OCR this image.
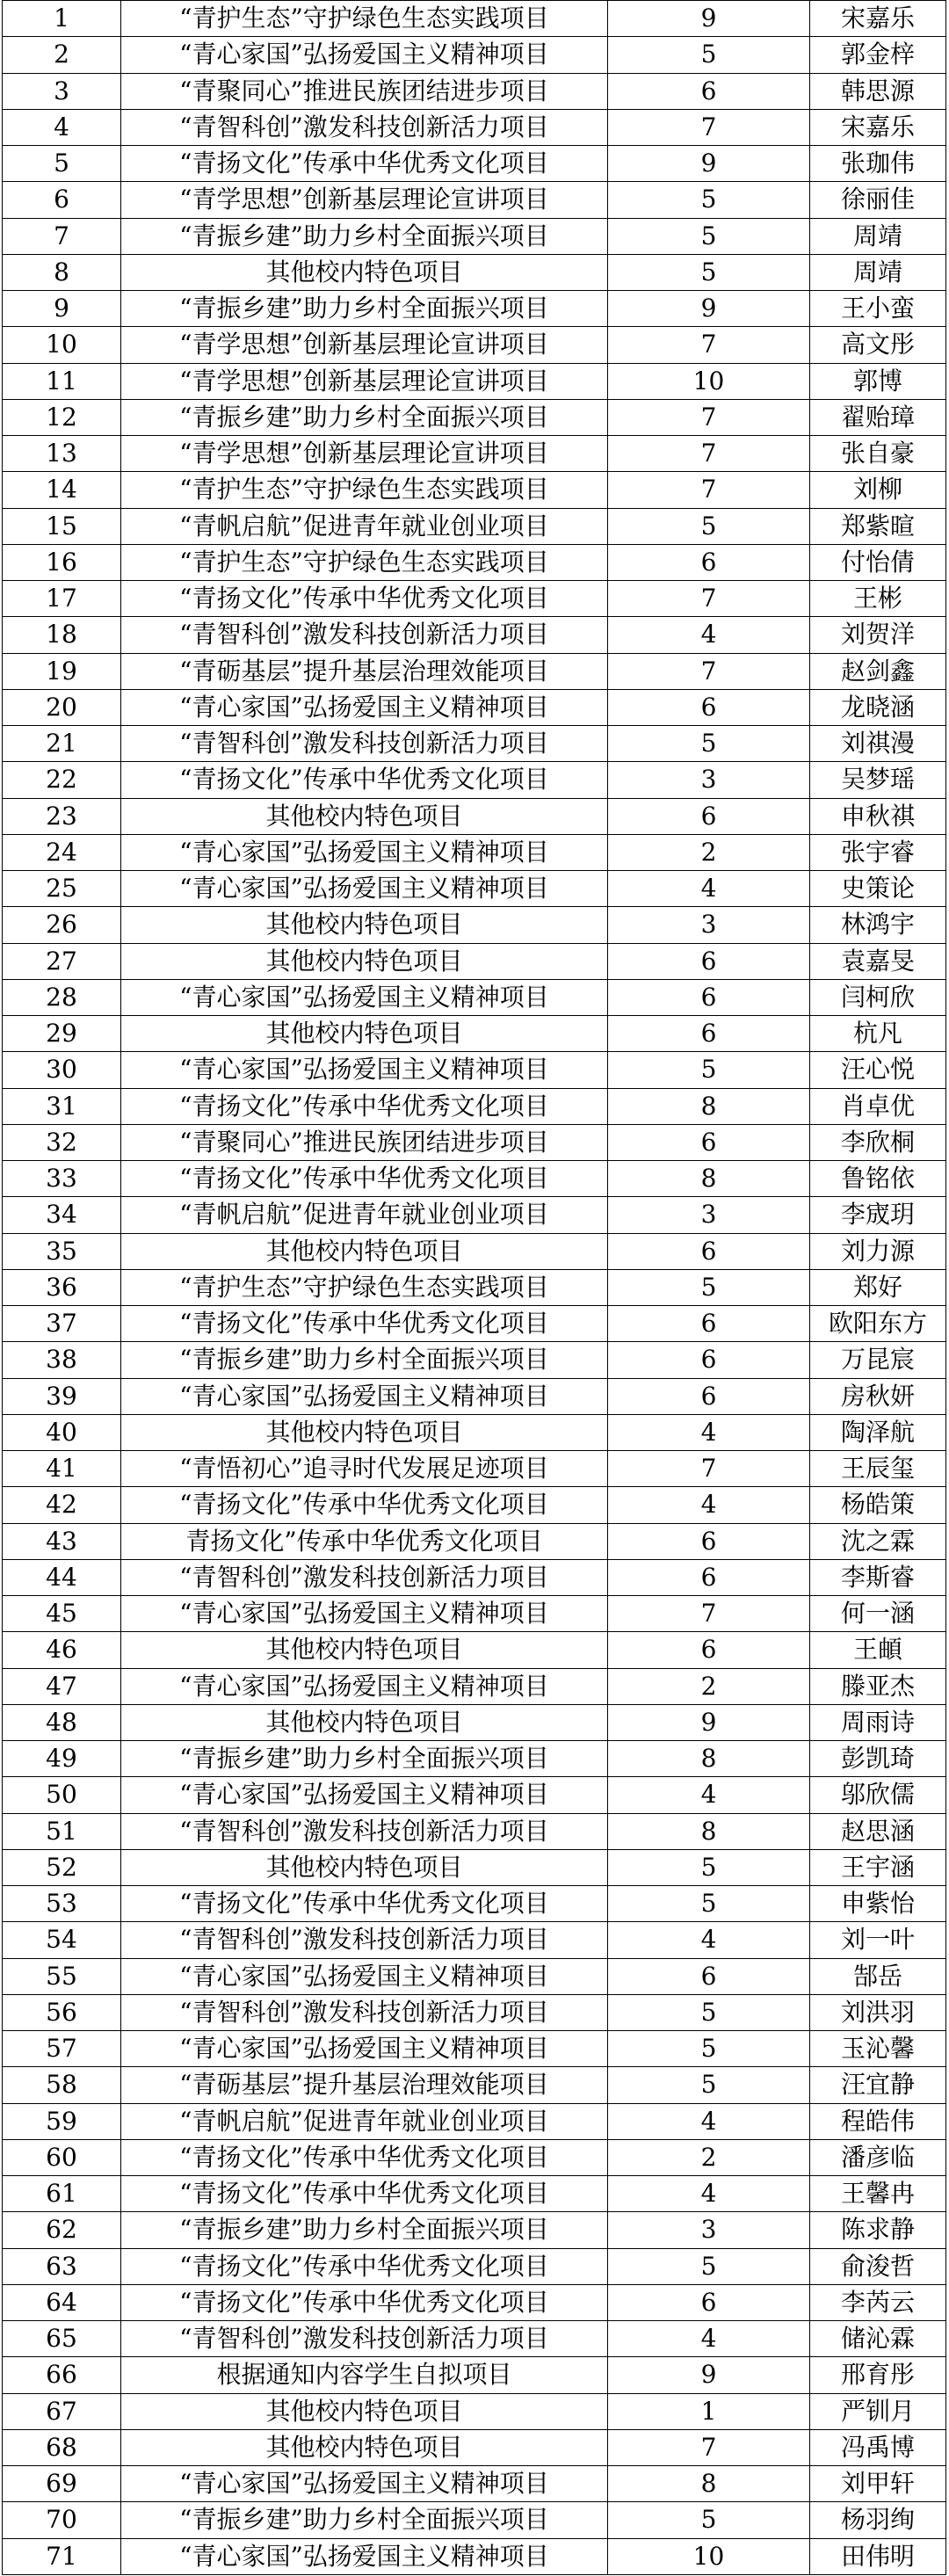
1	“青护生态”守护绿色生态实践项目	9	宋嘉乐
2	“青心家国”弘扬爱国主义精神项目	5	郭金梓
3	“青聚同心”推进民族团结进步项目	6	韩思源
4	“青智科创”激发科技创新活力项目	7	宋嘉乐
5	“青扬文化”传承中华优秀文化项目	9	张珈伟
6	“青学思想”创新基层理论宣讲项目	5	徐丽佳
7	“青振乡建”助力乡村全面振兴项目	5	周靖
8	其他校内特色项目	5	周靖
9	“青振乡建”助力乡村全面振兴项目	9	王小蛮
10	“青学思想”创新基层理论宣讲项目	7	高文彤
11	“青学思想”创新基层理论宣讲项目	10	郭博
12	“青振乡建”助力乡村全面振兴项目	7	翟贻璋
13	“青学思想”创新基层理论宣讲项目	7	张自豪
14	“青护生态”守护绿色生态实践项目	7	刘柳
15	“青帆启航”促进青年就业创业项目	5	郑紫暄
16	“青护生态”守护绿色生态实践项目	6	付怡倩
17	“青扬文化”传承中华优秀文化项目	7	王彬
18	“青智科创”激发科技创新活力项目	4	刘贺洋
19	“青砺基层”提升基层治理效能项目	7	赵剑鑫
20	“青心家国”弘扬爱国主义精神项目	6	龙晓涵
21	“青智科创”激发科技创新活力项目	5	刘祺漫
22	“青扬文化”传承中华优秀文化项目	3	吴梦瑶
23	其他校内特色项目	6	申秋祺
24	“青心家国”弘扬爱国主义精神项目	2	张宇睿
25	“青心家国”弘扬爱国主义精神项目	4	史策论
26	其他校内特色项目	3	林鸿宇
27	其他校内特色项目	6	袁嘉旻
28	“青心家国”弘扬爱国主义精神项目	6	闫柯欣
29	其他校内特色项目	6	杭凡
30	“青心家国”弘扬爱国主义精神项目	5	汪心悦
31	“青扬文化”传承中华优秀文化项目	8	肖卓优
32	“青聚同心”推进民族团结进步项目	6	李欣桐
33	“青扬文化”传承中华优秀文化项目	8	鲁铭依
34	“青帆启航”促进青年就业创业项目	3	李宬玥
35	其他校内特色项目	6	刘力源
36	“青护生态”守护绿色生态实践项目	5	郑好
37	“青扬文化”传承中华优秀文化项目	6	欧阳东方
38	“青振乡建”助力乡村全面振兴项目	6	万昆宸
39	“青心家国”弘扬爱国主义精神项目	6	房秋妍
40	其他校内特色项目	4	陶泽航
41	“青悟初心”追寻时代发展足迹项目	7	王辰玺
42	“青扬文化”传承中华优秀文化项目	4	杨皓策
43	青扬文化”传承中华优秀文化项目	6	沈之霖
44	“青智科创”激发科技创新活力项目	6	李斯睿
45	“青心家国”弘扬爱国主义精神项目	7	何一涵
46	其他校内特色项目	6	王頔
47	“青心家国”弘扬爱国主义精神项目	2	滕亚杰
48	其他校内特色项目	9	周雨诗
49	“青振乡建”助力乡村全面振兴项目	8	彭凯琦
50	“青心家国”弘扬爱国主义精神项目	4	邬欣儒
51	“青智科创”激发科技创新活力项目	8	赵思涵
52	其他校内特色项目	5	王宇涵
53	“青扬文化”传承中华优秀文化项目	5	申紫怡
54	“青智科创”激发科技创新活力项目	4	刘一叶
55	“青心家国”弘扬爱国主义精神项目	6	郜岳
56	“青智科创”激发科技创新活力项目	5	刘洪羽
57	“青心家国”弘扬爱国主义精神项目	5	玉沁馨
58	“青砺基层”提升基层治理效能项目	5	汪宜静
59	“青帆启航”促进青年就业创业项目	4	程皓伟
60	“青扬文化”传承中华优秀文化项目	2	潘彦临
61	“青扬文化”传承中华优秀文化项目	4	王馨冉
62	“青振乡建”助力乡村全面振兴项目	3	陈求静
63	“青扬文化”传承中华优秀文化项目	5	俞浚哲
64	“青扬文化”传承中华优秀文化项目	6	李芮云
65	“青智科创”激发科技创新活力项目	4	储沁霖
66	根据通知内容学生自拟项目	9	邢育彤
67	其他校内特色项目	1	严钏月
68	其他校内特色项目	7	冯禹博
69	“青心家国”弘扬爱国主义精神项目	8	刘甲轩
70	“青振乡建”助力乡村全面振兴项目	5	杨羽绚
71	“青心家国”弘扬爱国主义精神项目	10	田伟明
